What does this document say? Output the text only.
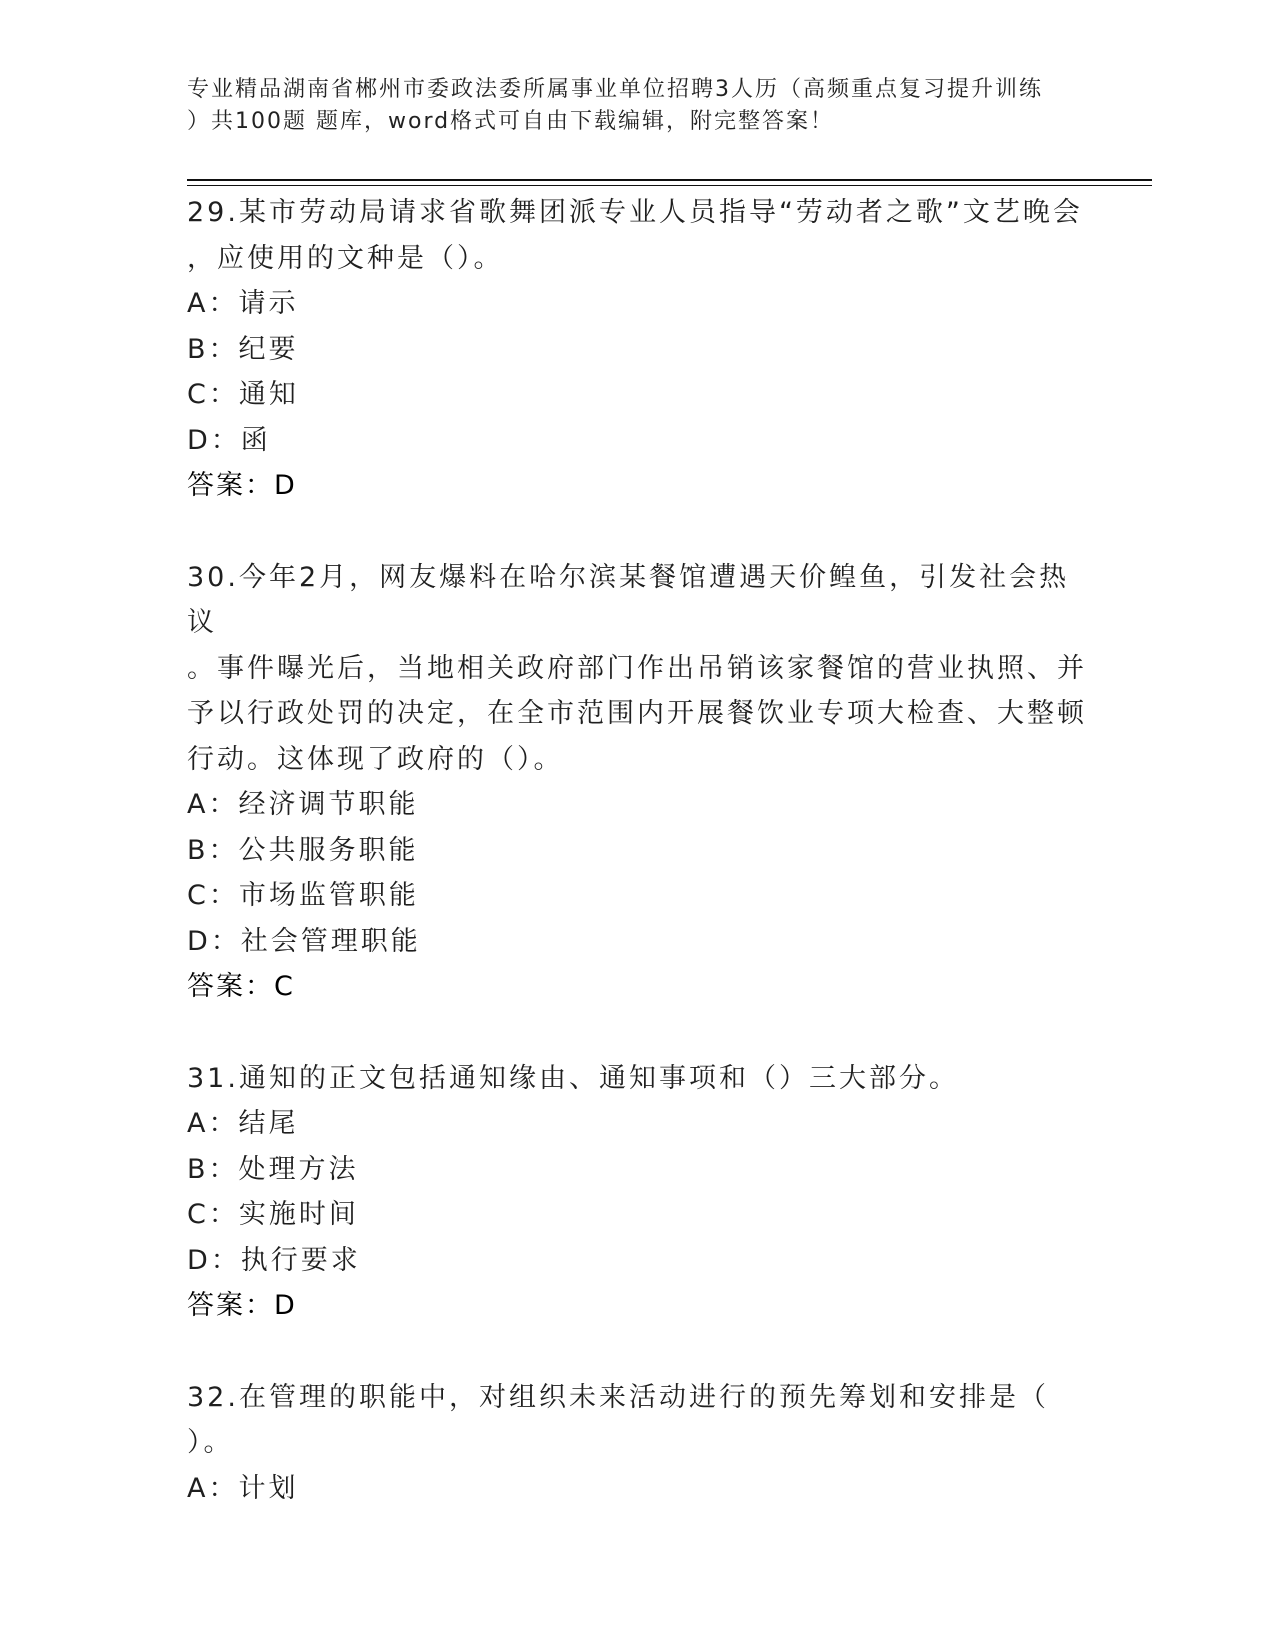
专业精品湖南省郴州市委政法委所属事业单位招聘3人历（高频重点复习提升训练
）共100题 题库，word格式可自由下载编辑，附完整答案！
29.某市劳动局请求省歌舞团派专业人员指导“劳动者之歌”文艺晚会
，应使用的文种是（）。
A：请示
B：纪要
C：通知
D：函
答案：D
30.今年2月，网友爆料在哈尔滨某餐馆遭遇天价鳇鱼，引发社会热议
。事件曝光后，当地相关政府部门作出吊销该家餐馆的营业执照、并
予以行政处罚的决定，在全市范围内开展餐饮业专项大检查、大整顿
行动。这体现了政府的（）。
A：经济调节职能
B：公共服务职能
C：市场监管职能
D：社会管理职能
答案：C
31.通知的正文包括通知缘由、通知事项和（）三大部分。
A：结尾
B：处理方法
C：实施时间
D：执行要求
答案：D
32.在管理的职能中，对组织未来活动进行的预先筹划和安排是（
）。
A：计划
